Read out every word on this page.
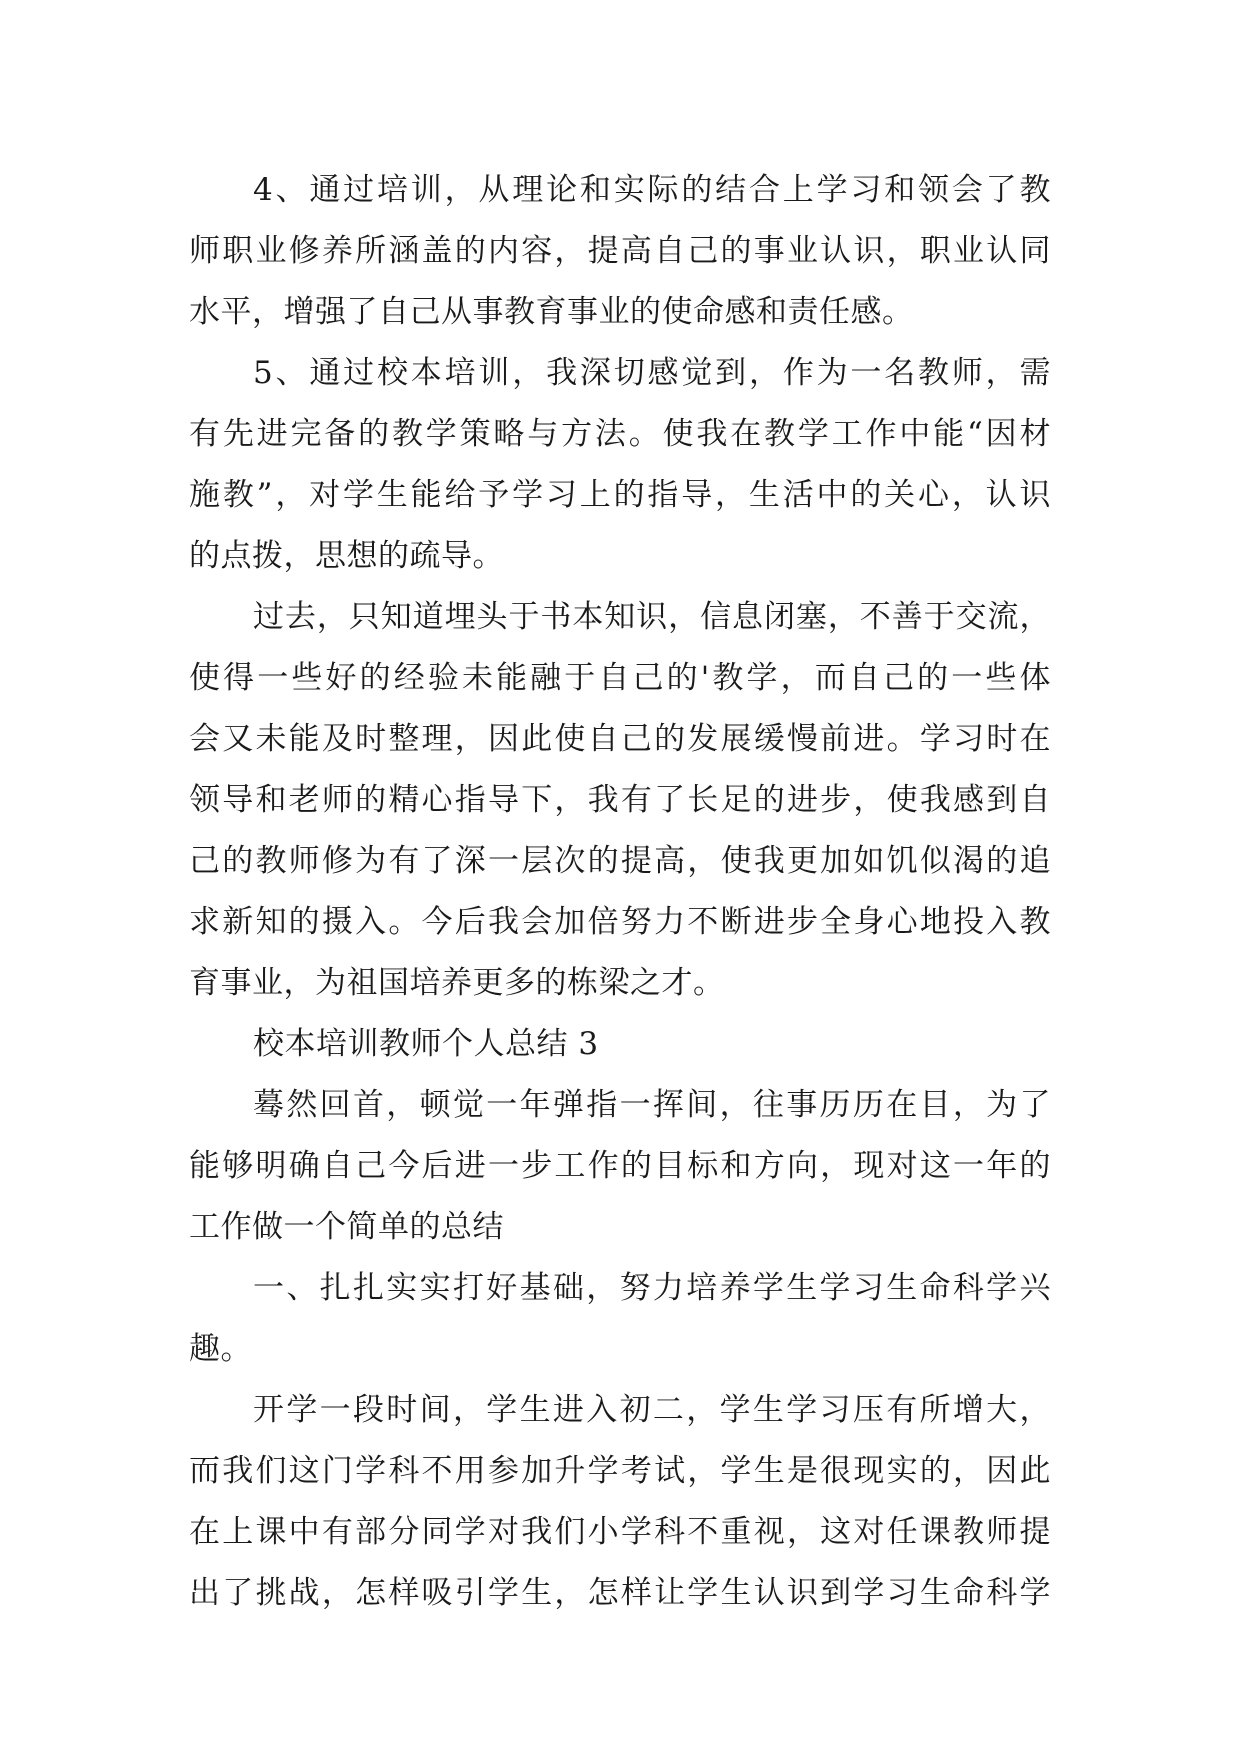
4、通过培训，从理论和实际的结合上学习和领会了教
师职业修养所涵盖的内容，提高自己的事业认识，职业认同
水平，增强了自己从事教育事业的使命感和责任感。
5、通过校本培训，我深切感觉到，作为一名教师，需
有先进完备的教学策略与方法。使我在教学工作中能“因材
施教”，对学生能给予学习上的指导，生活中的关心，认识
的点拨，思想的疏导。
过去，只知道埋头于书本知识，信息闭塞，不善于交流，
使得一些好的经验未能融于自己的'教学，而自己的一些体
会又未能及时整理，因此使自己的发展缓慢前进。学习时在
领导和老师的精心指导下，我有了长足的进步，使我感到自
己的教师修为有了深一层次的提高，使我更加如饥似渴的追
求新知的摄入。今后我会加倍努力不断进步全身心地投入教
育事业，为祖国培养更多的栋梁之才。
校本培训教师个人总结 3
蓦然回首，顿觉一年弹指一挥间，往事历历在目，为了
能够明确自己今后进一步工作的目标和方向，现对这一年的
工作做一个简单的总结
一、扎扎实实打好基础，努力培养学生学习生命科学兴
趣。
开学一段时间，学生进入初二，学生学习压有所增大，
而我们这门学科不用参加升学考试，学生是很现实的，因此
在上课中有部分同学对我们小学科不重视，这对任课教师提
出了挑战，怎样吸引学生，怎样让学生认识到学习生命科学
